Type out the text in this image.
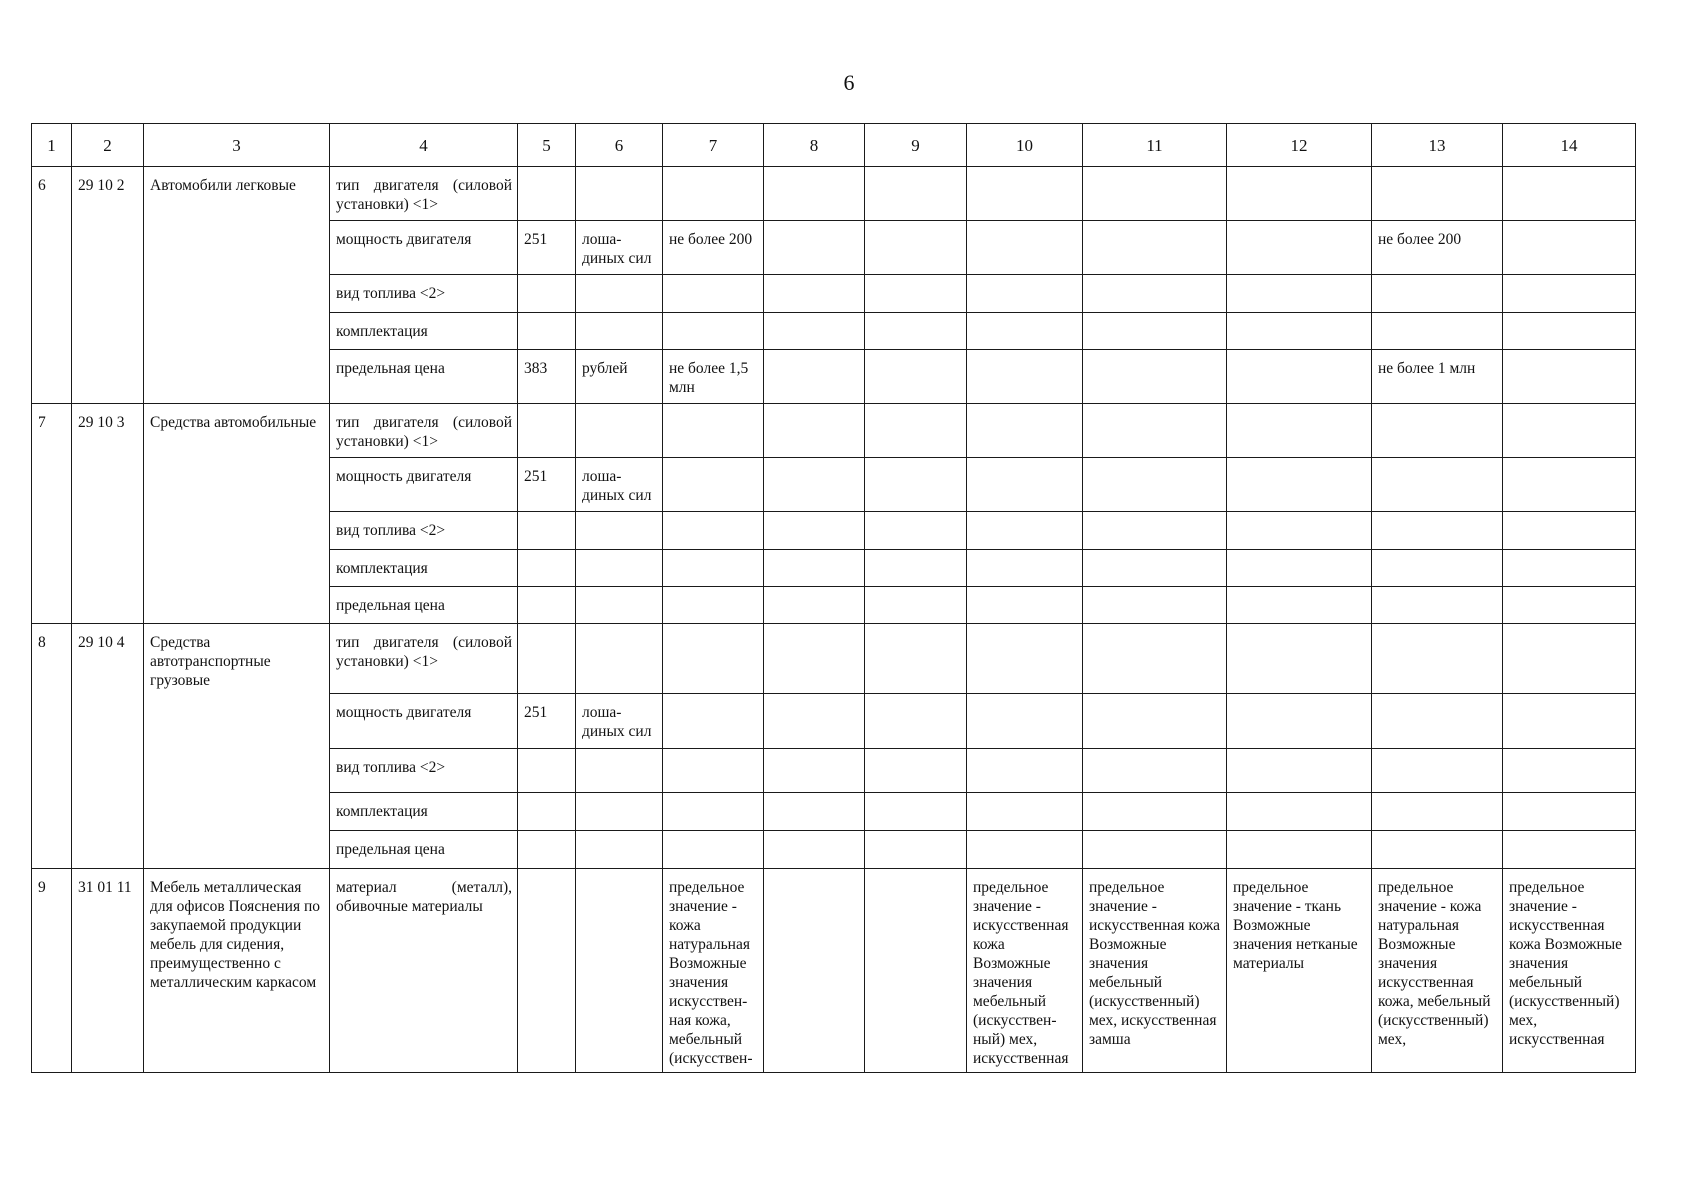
6
1	2	3	4	5	6	7	8	9	10	11	12	13	14
6	29 10 2	Автомобили легковые	тип двигателя (силовой установки) <1>										
			мощность двигателя	251	лоша-диных сил	не более 200						не более 200	
			вид топлива <2>										
			комплектация										
			предельная цена	383	рублей	не более 1,5 млн						не более 1 млн	
7	29 10 3	Средства автомобильные	тип двигателя (силовой установки) <1>										
			мощность двигателя	251	лоша-диных сил								
			вид топлива <2>										
			комплектация										
			предельная цена										
8	29 10 4	Средства автотранспортные грузовые	тип двигателя (силовой установки) <1>										
			мощность двигателя	251	лоша-диных сил								
			вид топлива <2>										
			комплектация										
			предельная цена										
9	31 01 11	Мебель металлическая для офисов Пояснения по закупаемой продукции мебель для сидения, преимущественно с металлическим каркасом	материал (металл), обивочные материалы			предельное значение - кожа натуральная Возможные значения искусствен-ная кожа, мебельный (искусствен-			предельное значение - искусственная кожа Возможные значения мебельный (искусствен-ный) мех, искусственная	предельное значение - искусственная кожа Возможные значения мебельный (искусственный) мех, искусственная замша	предельное значение - ткань Возможные значения нетканые материалы	предельное значение - кожа натуральная Возможные значения искусственная кожа, мебельный (искусственный) мех,	предельное значение - искусственная кожа Возможные значения мебельный (искусственный) мех, искусственная
